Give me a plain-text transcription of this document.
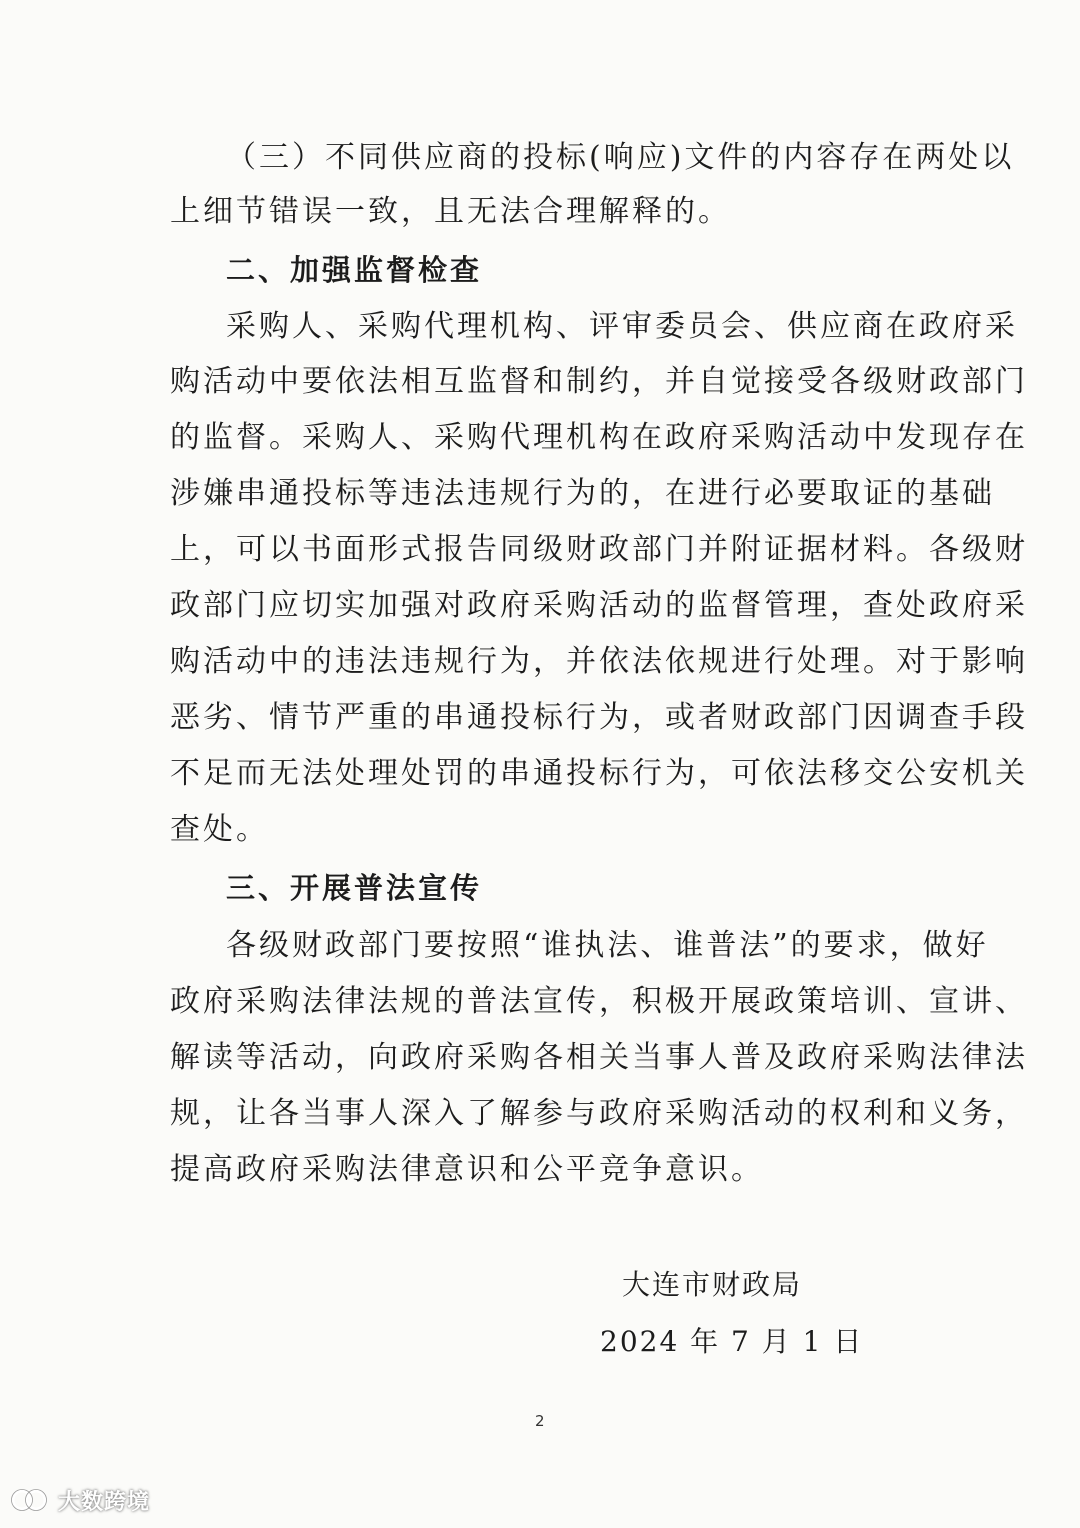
（三）不同供应商的投标(响应)文件的内容存在两处以

上细节错误一致，且无法合理解释的。

二、加强监督检查

采购人、采购代理机构、评审委员会、供应商在政府采

购活动中要依法相互监督和制约，并自觉接受各级财政部门

的监督。采购人、采购代理机构在政府采购活动中发现存在

涉嫌串通投标等违法违规行为的，在进行必要取证的基础

上，可以书面形式报告同级财政部门并附证据材料。各级财

政部门应切实加强对政府采购活动的监督管理，查处政府采

购活动中的违法违规行为，并依法依规进行处理。对于影响

恶劣、情节严重的串通投标行为，或者财政部门因调查手段

不足而无法处理处罚的串通投标行为，可依法移交公安机关

查处。

三、开展普法宣传

各级财政部门要按照“谁执法、谁普法”的要求，做好

政府采购法律法规的普法宣传，积极开展政策培训、宣讲、

解读等活动，向政府采购各相关当事人普及政府采购法律法

规，让各当事人深入了解参与政府采购活动的权利和义务，

提高政府采购法律意识和公平竞争意识。

大连市财政局

2024 年 7 月 1 日

2
大数跨境
